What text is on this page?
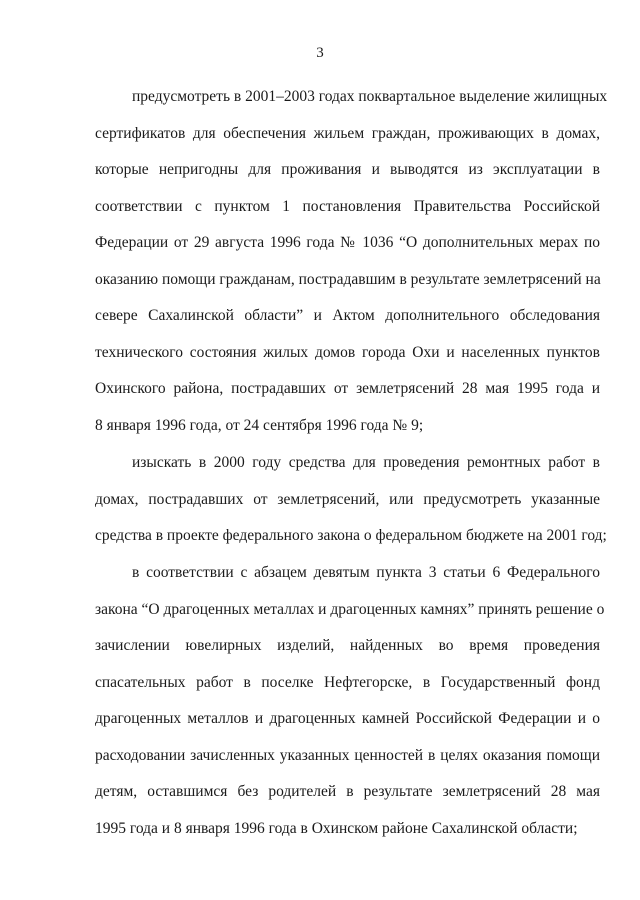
3
предусмотреть в 2001–2003 годах поквартальное выделение жилищных
сертификатов для обеспечения жильем граждан, проживающих в домах,
которые непригодны для проживания и выводятся из эксплуатации в
соответствии с пунктом 1 постановления Правительства Российской
Федерации от 29 августа 1996 года № 1036 “О дополнительных мерах по
оказанию помощи гражданам, пострадавшим в результате землетрясений на
севере Сахалинской области” и Актом дополнительного обследования
технического состояния жилых домов города Охи и населенных пунктов
Охинского района, пострадавших от землетрясений 28 мая 1995 года и
8 января 1996 года, от 24 сентября 1996 года № 9;
изыскать в 2000 году средства для проведения ремонтных работ в
домах, пострадавших от землетрясений, или предусмотреть указанные
средства в проекте федерального закона о федеральном бюджете на 2001 год;
в соответствии с абзацем девятым пункта 3 статьи 6 Федерального
закона “О драгоценных металлах и драгоценных камнях” принять решение о
зачислении ювелирных изделий, найденных во время проведения
спасательных работ в поселке Нефтегорске, в Государственный фонд
драгоценных металлов и драгоценных камней Российской Федерации и о
расходовании зачисленных указанных ценностей в целях оказания помощи
детям, оставшимся без родителей в результате землетрясений 28 мая
1995 года и 8 января 1996 года в Охинском районе Сахалинской области;
